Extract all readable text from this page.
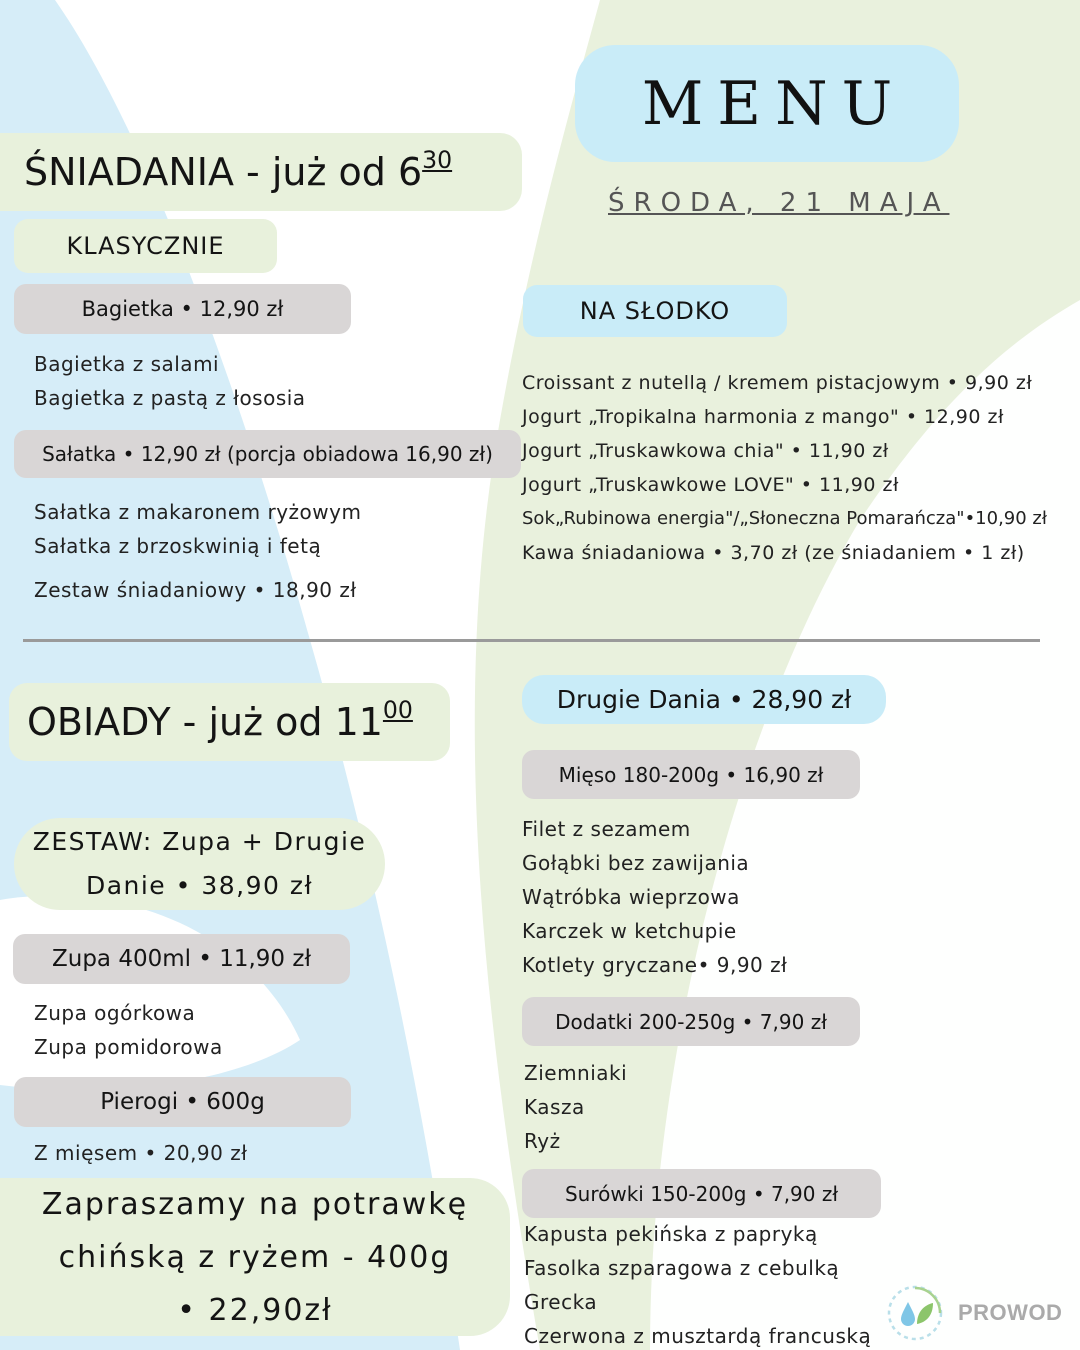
MENU
ŚRODA, 21 MAJA
ŚNIADANIA - już od $6^{30}$
KLASYCZNIE
Bagietka • 12,90 zł
Bagietka z salami
Bagietka z pastą z łososia
Sałatka • 12,90 zł (porcja obiadowa 16,90 zł)
Sałatka z makaronem ryżowym
Sałatka z brzoskwinią i fetą
Zestaw śniadaniowy • 18,90 zł
NA SŁODKO
Croissant z nutellą / kremem pistacjowym • 9,90 zł
Jogurt „Tropikalna harmonia z mango" • 12,90 zł
Jogurt „Truskawkowa chia" • 11,90 zł
Jogurt „Truskawkowe LOVE" • 11,90 zł
Sok„Rubinowa energia"/„Słoneczna Pomarańcza"•10,90 zł
Kawa śniadaniowa • 3,70 zł (ze śniadaniem • 1 zł)
OBIADY - już od $11^{00}$
ZESTAW: Zupa + Drugie
Danie • 38,90 zł
Zupa 400ml • 11,90 zł
Zupa ogórkowa
Zupa pomidorowa
Pierogi • 600g
Z mięsem • 20,90 zł
Zapraszamy na potrawkę
chińską z ryżem - 400g
• 22,90zł
Drugie Dania • 28,90 zł
Mięso 180-200g • 16,90 zł
Filet z sezamem
Gołąbki bez zawijania
Wątróbka wieprzowa
Karczek w ketchupie
Kotlety gryczane• 9,90 zł
Dodatki 200-250g • 7,90 zł
Ziemniaki
Kasza
Ryż
Surówki 150-200g • 7,90 zł
Kapusta pekińska z papryką
Fasolka szparagowa z cebulką
Grecka
Czerwona z musztardą francuską
PROWOD
